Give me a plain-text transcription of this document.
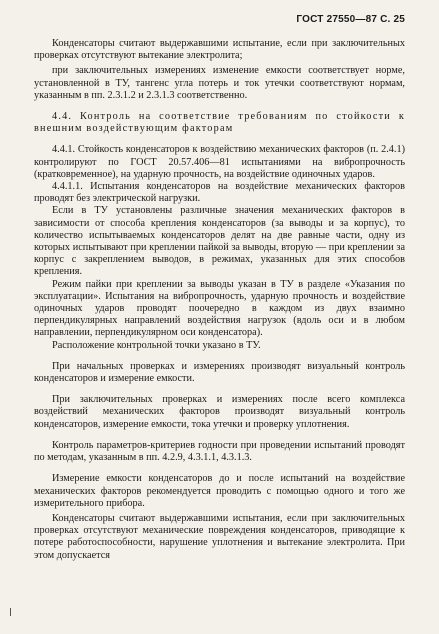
ГОСТ 27550—87 С. 25

Конденсаторы считают выдержавшими испытание, если при заключительных проверках отсутствуют вытекание электролита;

при заключительных измерениях изменение емкости соответствует норме, установленной в ТУ, тангенс угла потерь и ток утечки соответствуют нормам, указанным в пп. 2.3.1.2 и 2.3.1.3 соответственно.

4.4. Контроль на соответствие требованиям по стойкости к внешним воздействующим факторам

4.4.1. Стойкость конденсаторов к воздействию механических факторов (п. 2.4.1) контролируют по ГОСТ 20.57.406—81 испытаниями на вибропрочность (кратковременное), на ударную прочность, на воздействие одиночных ударов.

4.4.1.1. Испытания конденсаторов на воздействие механических факторов проводят без электрической нагрузки.

Если в ТУ установлены различные значения механических факторов в зависимости от способа крепления конденсаторов (за выводы и за корпус), то количество испытываемых конденсаторов делят на две равные части, одну из которых испытывают при креплении пайкой за выводы, вторую — при креплении за корпус с закреплением выводов, в режимах, указанных для этих способов крепления.

Режим пайки при креплении за выводы указан в ТУ в разделе «Указания по эксплуатации». Испытания на вибропрочность, ударную прочность и воздействие одиночных ударов проводят поочередно в каждом из двух взаимно перпендикулярных направлений воздействия нагрузок (вдоль оси и в любом направлении, перпендикулярном оси конденсатора).

Расположение контрольной точки указано в ТУ.

При начальных проверках и измерениях производят визуальный контроль конденсаторов и измерение емкости.

При заключительных проверках и измерениях после всего комплекса воздействий механических факторов производят визуальный контроль конденсаторов, измерение емкости, тока утечки и проверку уплотнения.

Контроль параметров-критериев годности при проведении испытаний проводят по методам, указанным в пп. 4.2.9, 4.3.1.1, 4.3.1.3.

Измерение емкости конденсаторов до и после испытаний на воздействие механических факторов рекомендуется проводить с помощью одного и того же измерительного прибора.

Конденсаторы считают выдержавшими испытания, если при заключительных проверках отсутствуют механические повреждения конденсаторов, приводящие к потере работоспособности, нарушение уплотнения и вытекание электролита. При этом допускается
